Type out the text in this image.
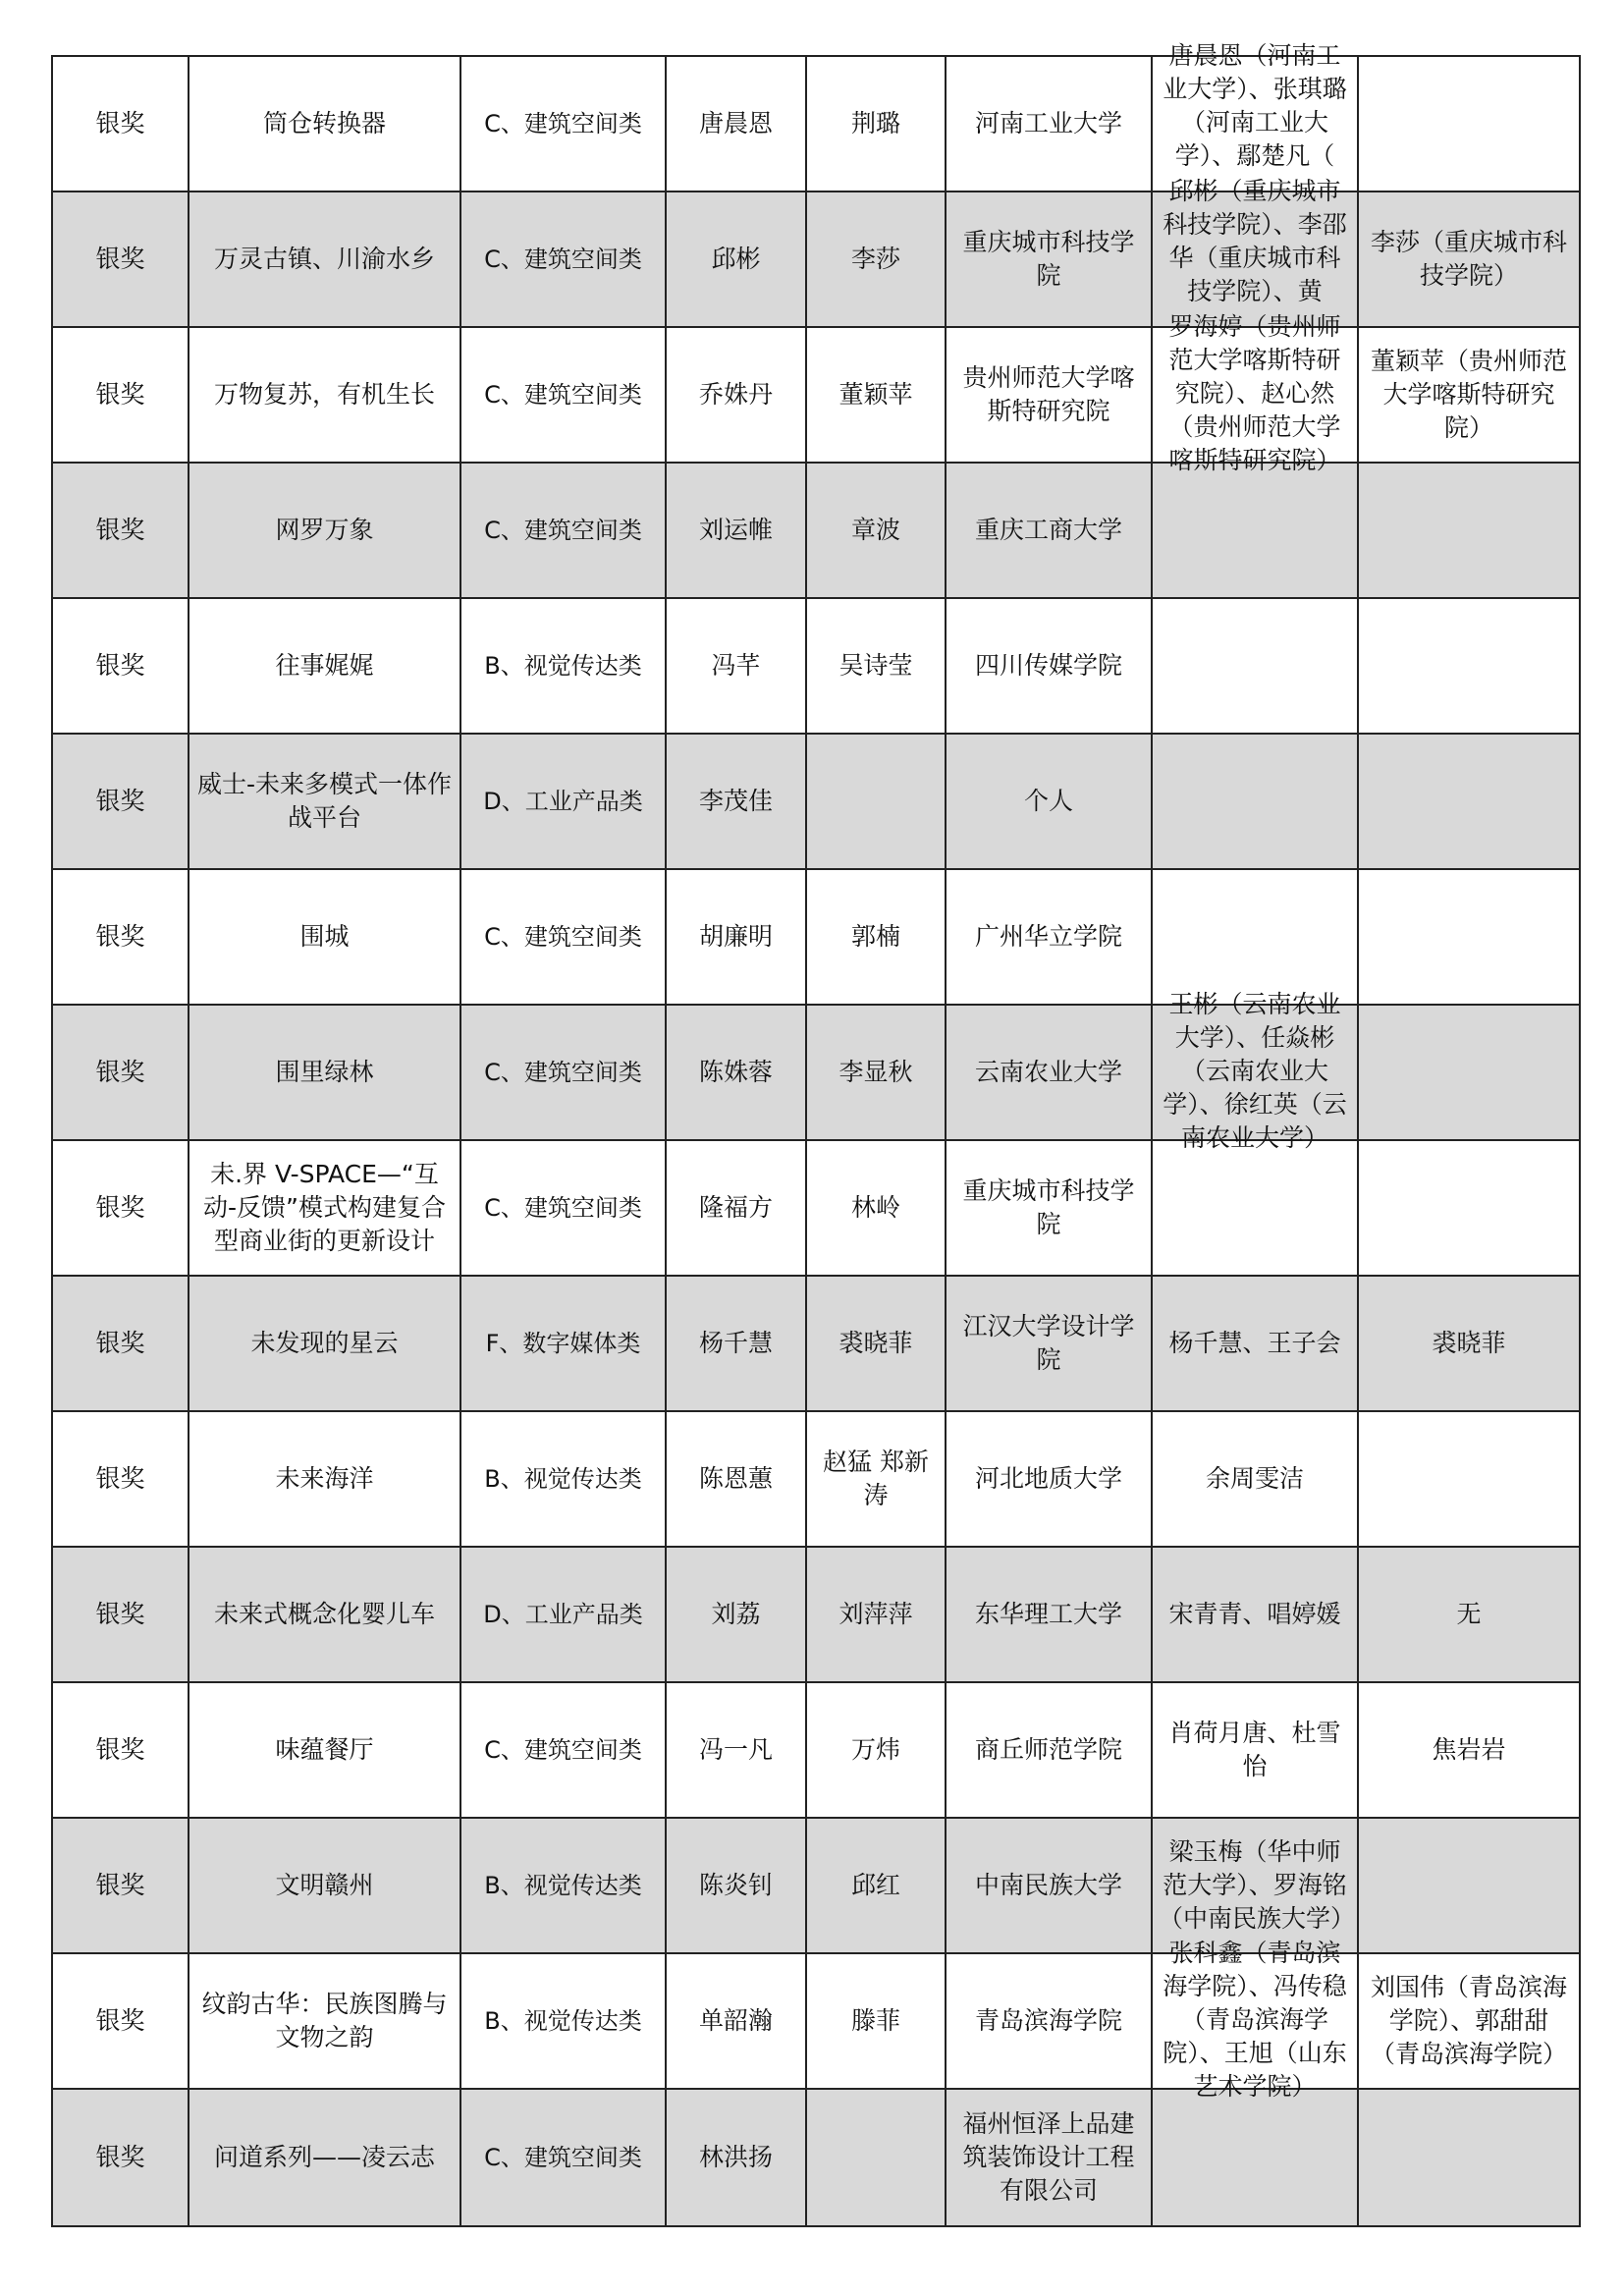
银奖	筒仓转换器	C、建筑空间类	唐晨恩	荆璐	河南工业大学	唐晨恩（河南工业大学）、张琪璐（河南工业大学）、鄢楚凡（	

银奖	万灵古镇、川渝水乡	C、建筑空间类	邱彬	李莎	重庆城市科技学院	邱彬（重庆城市科技学院）、李邵华（重庆城市科技学院）、黄	李莎（重庆城市科技学院）

银奖	万物复苏，有机生长	C、建筑空间类	乔姝丹	董颖苹	贵州师范大学喀斯特研究院	罗海婷（贵州师范大学喀斯特研究院）、赵心然（贵州师范大学喀斯特研究院）	董颖苹（贵州师范大学喀斯特研究院）

银奖	网罗万象	C、建筑空间类	刘运帷	章波	重庆工商大学		

银奖	往事娓娓	B、视觉传达类	冯芊	吴诗莹	四川传媒学院		

银奖	威士-未来多模式一体作战平台	D、工业产品类	李茂佳		个人		

银奖	围城	C、建筑空间类	胡廉明	郭楠	广州华立学院		

银奖	围里绿林	C、建筑空间类	陈姝蓉	李显秋	云南农业大学	王彬（云南农业大学）、任焱彬（云南农业大学）、徐红英（云南农业大学）	

银奖	未.界 V-SPACE—“互动-反馈”模式构建复合型商业街的更新设计	C、建筑空间类	隆福方	林岭	重庆城市科技学院		

银奖	未发现的星云	F、数字媒体类	杨千慧	裘晓菲	江汉大学设计学院	杨千慧、王子会	裘晓菲

银奖	未来海洋	B、视觉传达类	陈恩蕙	赵猛 郑新涛	河北地质大学	余周雯洁	

银奖	未来式概念化婴儿车	D、工业产品类	刘荔	刘萍萍	东华理工大学	宋青青、唱婷媛	无

银奖	味蕴餐厅	C、建筑空间类	冯一凡	万炜	商丘师范学院	肖荷月唐、杜雪怡	焦岩岩

银奖	文明赣州	B、视觉传达类	陈炎钊	邱红	中南民族大学	梁玉梅（华中师范大学）、罗海铭（中南民族大学）	

银奖	纹韵古华：民族图腾与文物之韵	B、视觉传达类	单韶瀚	滕菲	青岛滨海学院	张科鑫（青岛滨海学院）、冯传稳（青岛滨海学院）、王旭（山东艺术学院）	刘国伟（青岛滨海学院）、郭甜甜（青岛滨海学院）

银奖	问道系列——凌云志	C、建筑空间类	林洪扬		福州恒泽上品建筑装饰设计工程有限公司		
